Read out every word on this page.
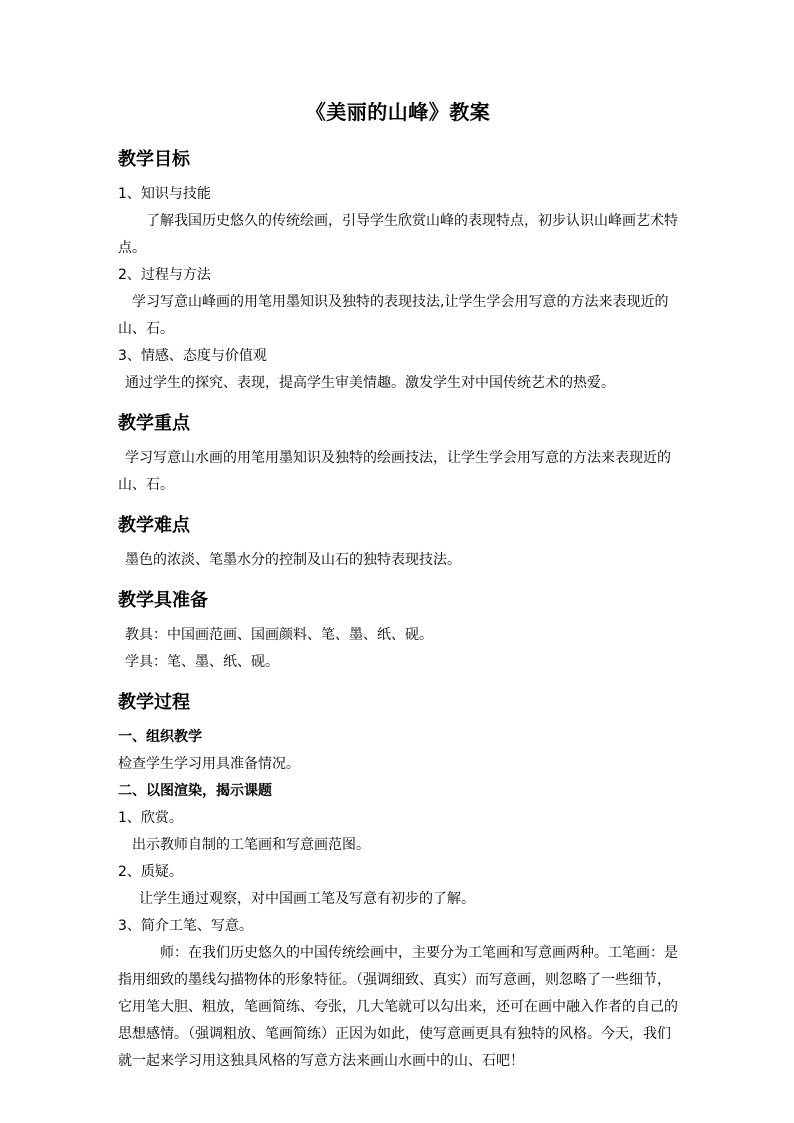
《美丽的山峰》教案
教学目标

1、知识与技能

了解我国历史悠久的传统绘画，引导学生欣赏山峰的表现特点，初步认识山峰画艺术特点。

2、过程与方法

学习写意山峰画的用笔用墨知识及独特的表现技法,让学生学会用写意的方法来表现近的山、石。

3、情感、态度与价值观

通过学生的探究、表现，提高学生审美情趣。激发学生对中国传统艺术的热爱。

教学重点

学习写意山水画的用笔用墨知识及独特的绘画技法，让学生学会用写意的方法来表现近的山、石。

教学难点

墨色的浓淡、笔墨水分的控制及山石的独特表现技法。

教学具准备

教具：中国画范画、国画颜料、笔、墨、纸、砚。

学具：笔、墨、纸、砚。

教学过程

一、组织教学

检查学生学习用具准备情况。

二、以图渲染，揭示课题

1、欣赏。

出示教师自制的工笔画和写意画范图。

2、质疑。

让学生通过观察，对中国画工笔及写意有初步的了解。

3、简介工笔、写意。

师：在我们历史悠久的中国传统绘画中，主要分为工笔画和写意画两种。工笔画：是指用细致的墨线勾描物体的形象特征。（强调细致、真实）而写意画，则忽略了一些细节，它用笔大胆、粗放，笔画简练、夸张，几大笔就可以勾出来，还可在画中融入作者的自己的思想感情。（强调粗放、笔画简练）正因为如此，使写意画更具有独特的风格。今天，我们就一起来学习用这独具风格的写意方法来画山水画中的山、石吧！
